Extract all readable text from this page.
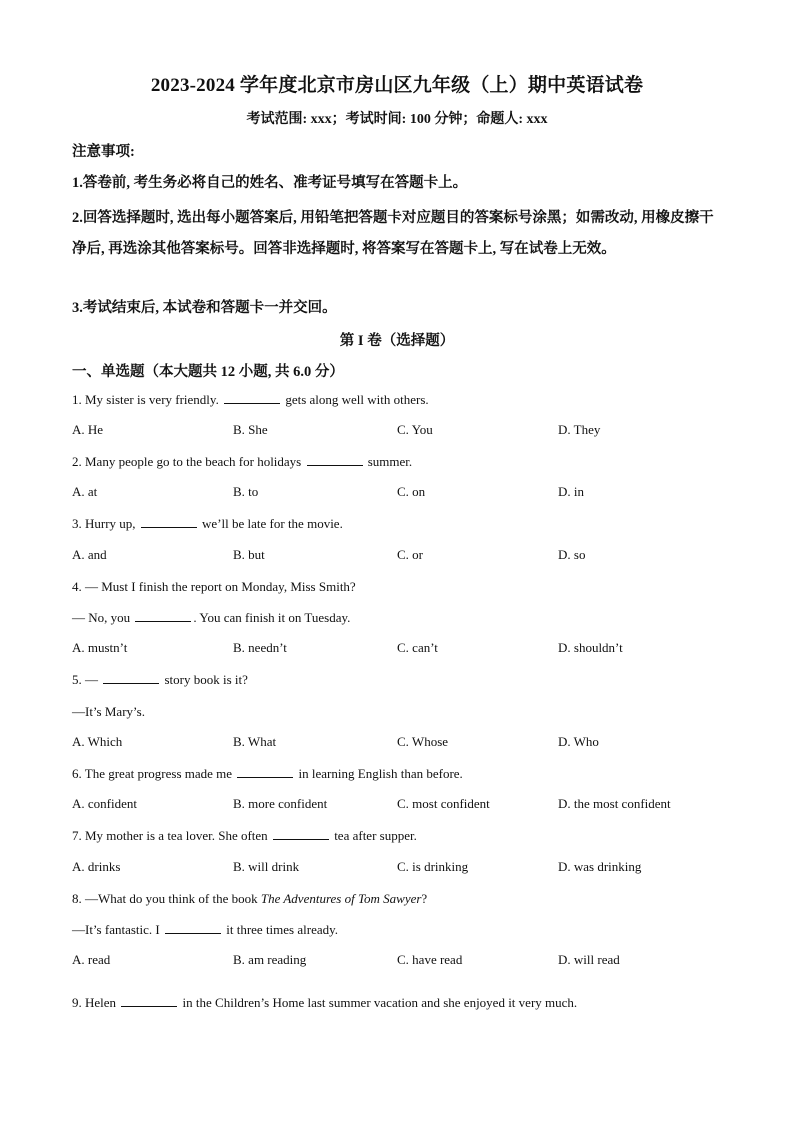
2023-2024 学年度北京市房山区九年级（上）期中英语试卷
考试范围: xxx；考试时间: 100 分钟；命题人: xxx
注意事项:
1.答卷前, 考生务必将自己的姓名、准考证号填写在答题卡上。
2.回答选择题时, 选出每小题答案后, 用铅笔把答题卡对应题目的答案标号涂黑；如需改动, 用橡皮擦干净后, 再选涂其他答案标号。回答非选择题时, 将答案写在答题卡上, 写在试卷上无效。
3.考试结束后, 本试卷和答题卡一并交回。
第 I 卷（选择题）
一、单选题（本大题共 12 小题, 共 6.0 分）
1. My sister is very friendly.	gets along well with others.
A. He	B. She	C. You	D. They
2. Many people go to the beach for holidays	summer.
A. at	B. to	C. on	D. in
3. Hurry up,	we’ll be late for the movie.
A. and	B. but	C. or	D. so
4. — Must I finish the report on Monday, Miss Smith?
— No, you	. You can finish it on Tuesday.
A. mustn’t	B. needn’t	C. can’t	D. shouldn’t
5. —	story book is it?
—It’s Mary’s.
A. Which	B. What	C. Whose	D. Who
6. The great progress made me	in learning English than before.
A. confident	B. more confident	C. most confident	D. the most confident
7. My mother is a tea lover. She often	tea after supper.
A. drinks	B. will drink	C. is drinking	D. was drinking
8. —What do you think of the book The Adventures of Tom Sawyer?
—It’s fantastic. I	it three times already.
A. read	B. am reading	C. have read	D. will read
9. Helen	in the Children’s Home last summer vacation and she enjoyed it very much.
